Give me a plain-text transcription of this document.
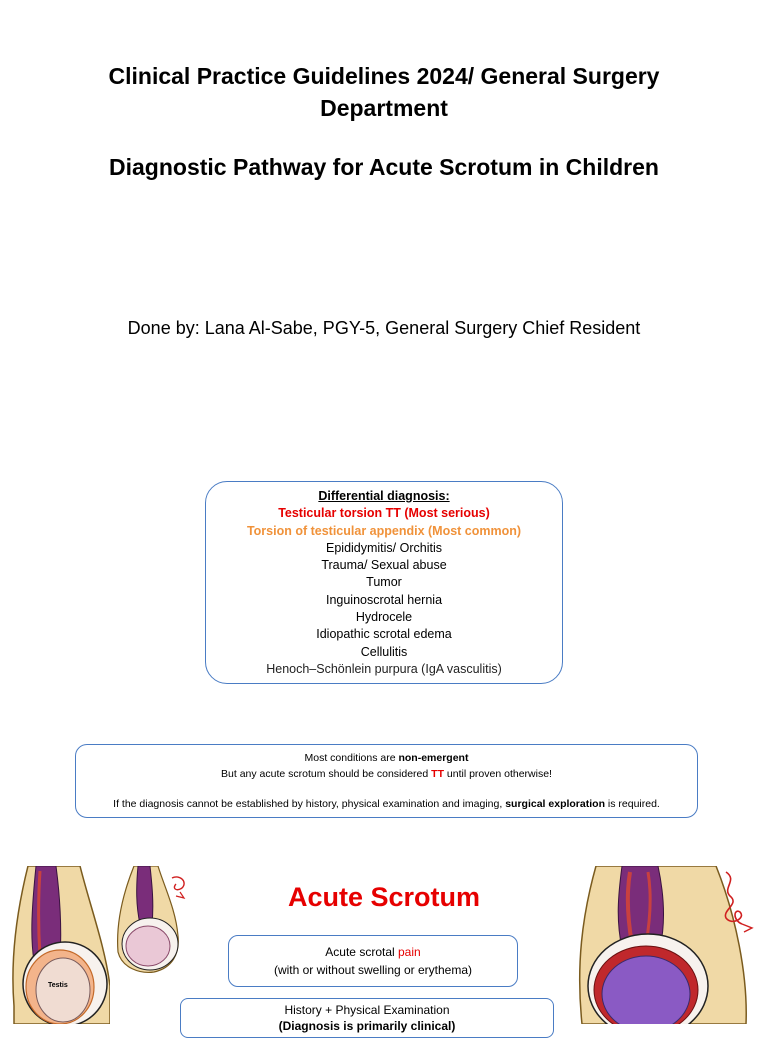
Clinical Practice Guidelines 2024/ General Surgery Department
Diagnostic Pathway for Acute Scrotum in Children
Done by: Lana Al-Sabe, PGY-5, General Surgery Chief Resident
Differential diagnosis:
Testicular torsion TT (Most serious)
Torsion of testicular appendix (Most common)
Epididymitis/ Orchitis
Trauma/ Sexual abuse
Tumor
Inguinoscrotal hernia
Hydrocele
Idiopathic scrotal edema
Cellulitis
Henoch–Schönlein purpura (IgA vasculitis)
Most conditions are non-emergent
But any acute scrotum should be considered TT until proven otherwise!
If the diagnosis cannot be established by history, physical examination and imaging, surgical exploration is required.
Testis
Acute Scrotum
Acute scrotal pain
(with or without swelling or erythema)
History + Physical Examination
(Diagnosis is primarily clinical)
